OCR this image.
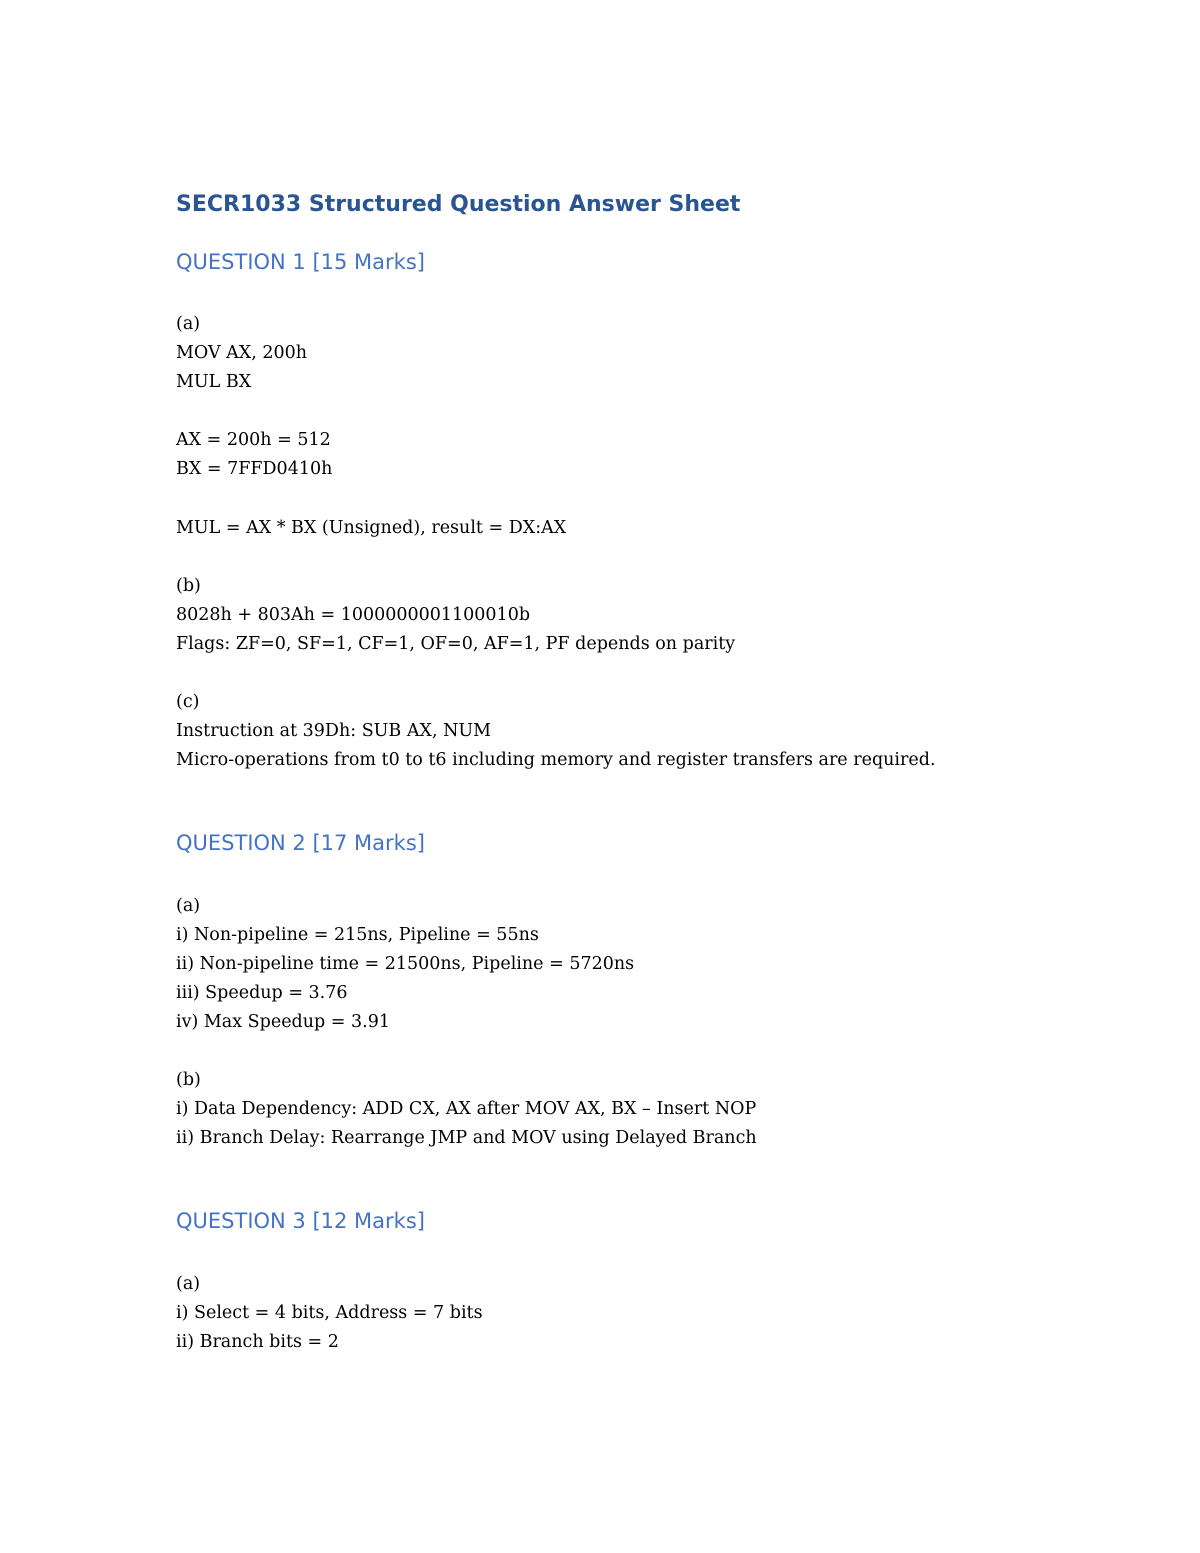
SECR1033 Structured Question Answer Sheet
QUESTION 1 [15 Marks]

(a)

MOV AX, 200h

MUL BX

AX = 200h = 512

BX = 7FFD0410h

MUL = AX * BX (Unsigned), result = DX:AX

(b)

8028h + 803Ah = 1000000001100010b

Flags: ZF=0, SF=1, CF=1, OF=0, AF=1, PF depends on parity

(c)

Instruction at 39Dh: SUB AX, NUM

Micro-operations from t0 to t6 including memory and register transfers are required.

QUESTION 2 [17 Marks]

(a)

i) Non-pipeline = 215ns, Pipeline = 55ns

ii) Non-pipeline time = 21500ns, Pipeline = 5720ns

iii) Speedup = 3.76

iv) Max Speedup = 3.91

(b)

i) Data Dependency: ADD CX, AX after MOV AX, BX – Insert NOP

ii) Branch Delay: Rearrange JMP and MOV using Delayed Branch

QUESTION 3 [12 Marks]

(a)

i) Select = 4 bits, Address = 7 bits

ii) Branch bits = 2
